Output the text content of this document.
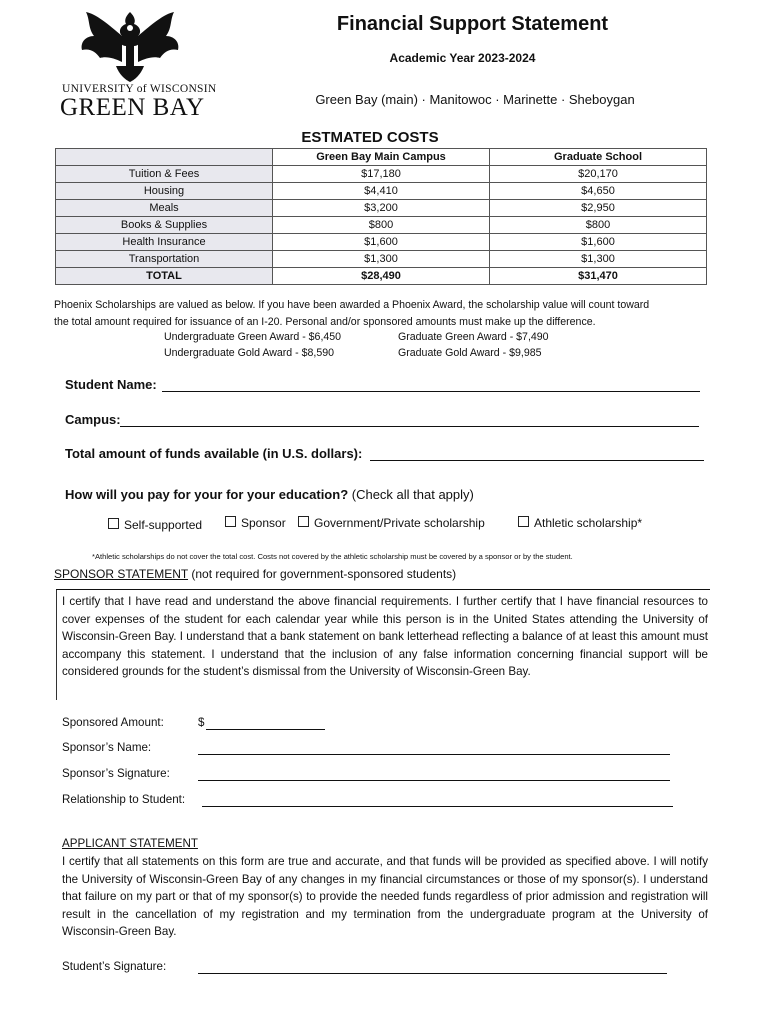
UNIVERSITY of WISCONSIN
GREEN BAY
Financial Support Statement
Academic Year 2023-2024
Green Bay (main) · Manitowoc · Marinette · Sheboygan
ESTMATED COSTS
	Green Bay Main Campus	Graduate School
Tuition & Fees	$17,180	$20,170
Housing	$4,410	$4,650
Meals	$3,200	$2,950
Books & Supplies	$800	$800
Health Insurance	$1,600	$1,600
Transportation	$1,300	$1,300
TOTAL	$28,490	$31,470
Phoenix Scholarships are valued as below. If you have been awarded a Phoenix Award, the scholarship value will count toward
the total amount required for issuance of an I-20. Personal and/or sponsored amounts must make up the difference.
Undergraduate Green Award - $6,450	Graduate Green Award - $7,490
Undergraduate Gold Award - $8,590	Graduate Gold Award - $9,985
Student Name:
Campus:
Total amount of funds available (in U.S. dollars):
How will you pay for your for your education? (Check all that apply)
Self-supported	Sponsor	Government/Private scholarship	Athletic scholarship*
*Athletic scholarships do not cover the total cost. Costs not covered by the athletic scholarship must be covered by a sponsor or by the student.
SPONSOR STATEMENT (not required for government-sponsored students)
I certify that I have read and understand the above financial requirements. I further certify that I have financial resources to cover expenses of the student for each calendar year while this person is in the United States attending the University of Wisconsin-Green Bay. I understand that a bank statement on bank letterhead reflecting a balance of at least this amount must accompany this statement. I understand that the inclusion of any false information concerning financial support will be considered grounds for the student’s dismissal from the University of Wisconsin-Green Bay.
Sponsored Amount:	$
Sponsor’s Name:
Sponsor’s Signature:
Relationship to Student:
APPLICANT STATEMENT
I certify that all statements on this form are true and accurate, and that funds will be provided as specified above. I will notify the University of Wisconsin-Green Bay of any changes in my financial circumstances or those of my sponsor(s). I understand that failure on my part or that of my sponsor(s) to provide the needed funds regardless of prior admission and registration will result in the cancellation of my registration and my termination from the undergraduate program at the University of Wisconsin-Green Bay.
Student’s Signature:
